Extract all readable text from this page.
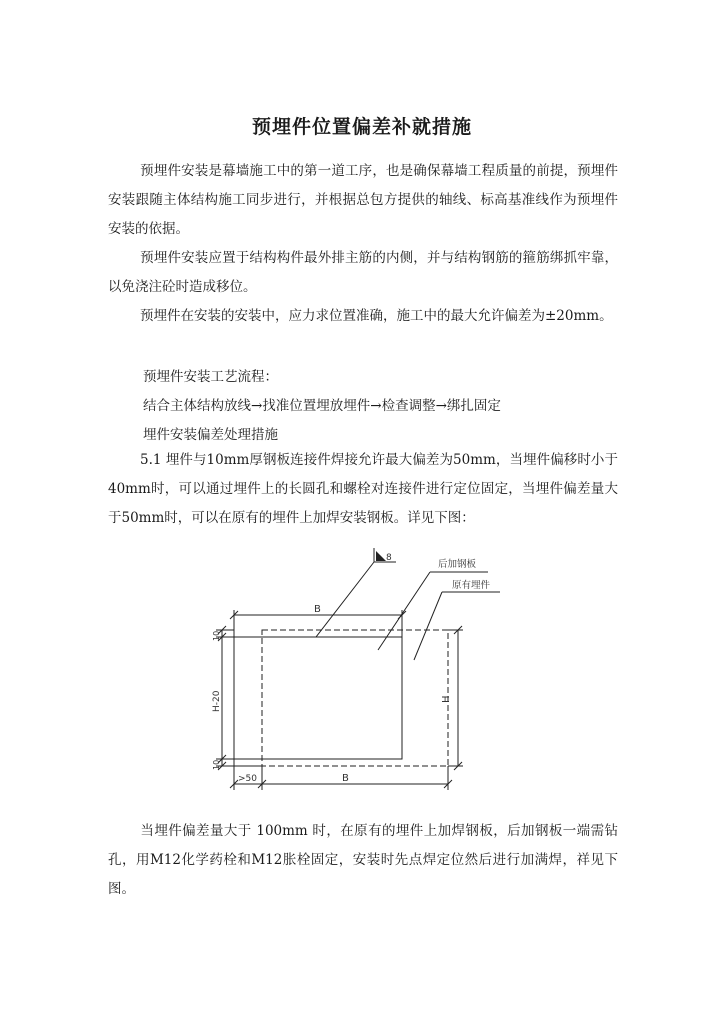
预埋件位置偏差补就措施
预埋件安装是幕墙施工中的第一道工序，也是确保幕墙工程质量的前提，预埋件安装跟随主体结构施工同步进行，并根据总包方提供的轴线、标高基准线作为预埋件安装的依据。
预埋件安装应置于结构构件最外排主筋的内侧，并与结构钢筋的箍筋绑抓牢靠，以免浇注砼时造成移位。
预埋件在安装的安装中，应力求位置准确，施工中的最大允许偏差为±20mm。
预埋件安装工艺流程：
结合主体结构放线→找准位置埋放埋件→检查调整→绑扎固定
埋件安装偏差处理措施
5.1 埋件与10mm厚钢板连接件焊接允许最大偏差为50mm，当埋件偏移时小于40mm时，可以通过埋件上的长圆孔和螺栓对连接件进行定位固定，当埋件偏差量大于50mm时，可以在原有的埋件上加焊安装钢板。详见下图：
8
后加钢板
原有埋件
B
B
>50
H
H-20
10
10
当埋件偏差量大于 100mm 时，在原有的埋件上加焊钢板，后加钢板一端需钻孔，用M12化学药栓和M12胀栓固定，安装时先点焊定位然后进行加满焊，祥见下图。
